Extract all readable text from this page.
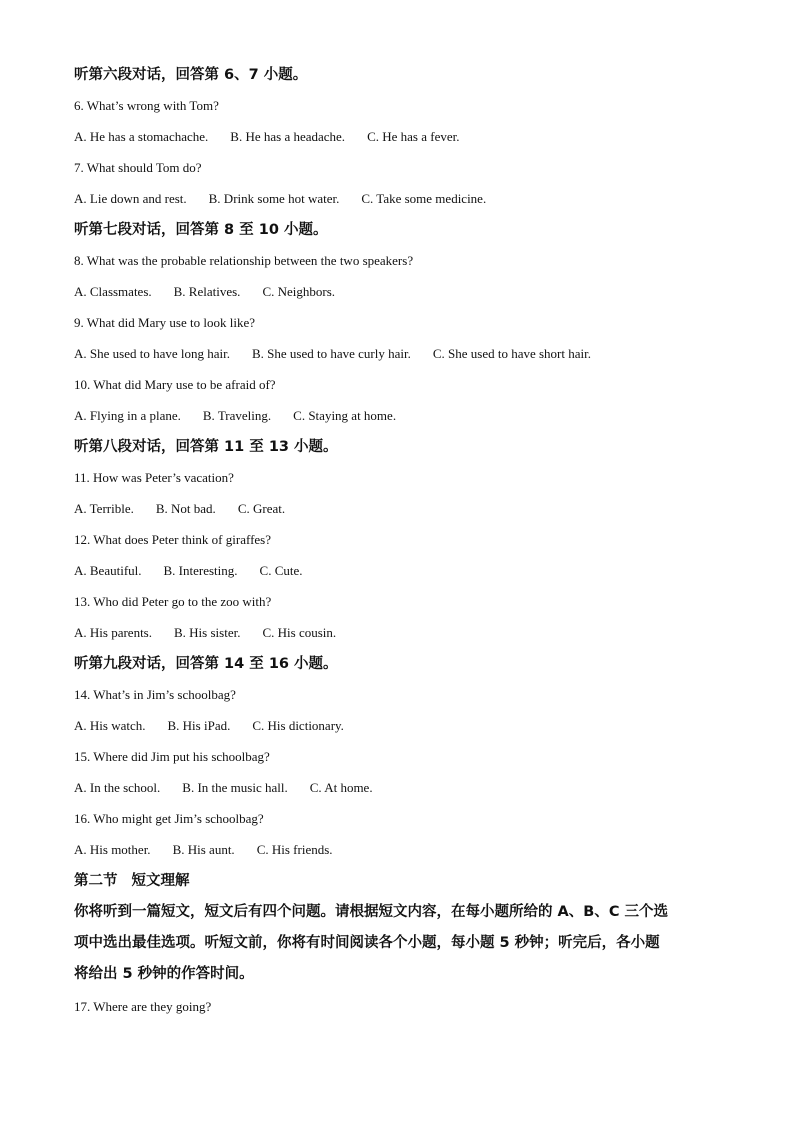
听第六段对话，回答第 6、7 小题。
6. What’s wrong with Tom?
A. He has a stomachache. B. He has a headache. C. He has a fever.
7. What should Tom do?
A. Lie down and rest. B. Drink some hot water. C. Take some medicine.
听第七段对话，回答第 8 至 10 小题。
8. What was the probable relationship between the two speakers?
A. Classmates. B. Relatives. C. Neighbors.
9. What did Mary use to look like?
A. She used to have long hair. B. She used to have curly hair. C. She used to have short hair.
10. What did Mary use to be afraid of?
A. Flying in a plane. B. Traveling. C. Staying at home.
听第八段对话，回答第 11 至 13 小题。
11. How was Peter’s vacation?
A. Terrible. B. Not bad. C. Great.
12. What does Peter think of giraffes?
A. Beautiful. B. Interesting. C. Cute.
13. Who did Peter go to the zoo with?
A. His parents. B. His sister. C. His cousin.
听第九段对话，回答第 14 至 16 小题。
14. What’s in Jim’s schoolbag?
A. His watch. B. His iPad. C. His dictionary.
15. Where did Jim put his schoolbag?
A. In the school. B. In the music hall. C. At home.
16. Who might get Jim’s schoolbag?
A. His mother. B. His aunt. C. His friends.
第二节 短文理解
你将听到一篇短文，短文后有四个问题。请根据短文内容，在每小题所给的 A、B、C 三个选
项中选出最佳选项。听短文前，你将有时间阅读各个小题，每小题 5 秒钟；听完后，各小题
将给出 5 秒钟的作答时间。
17. Where are they going?
